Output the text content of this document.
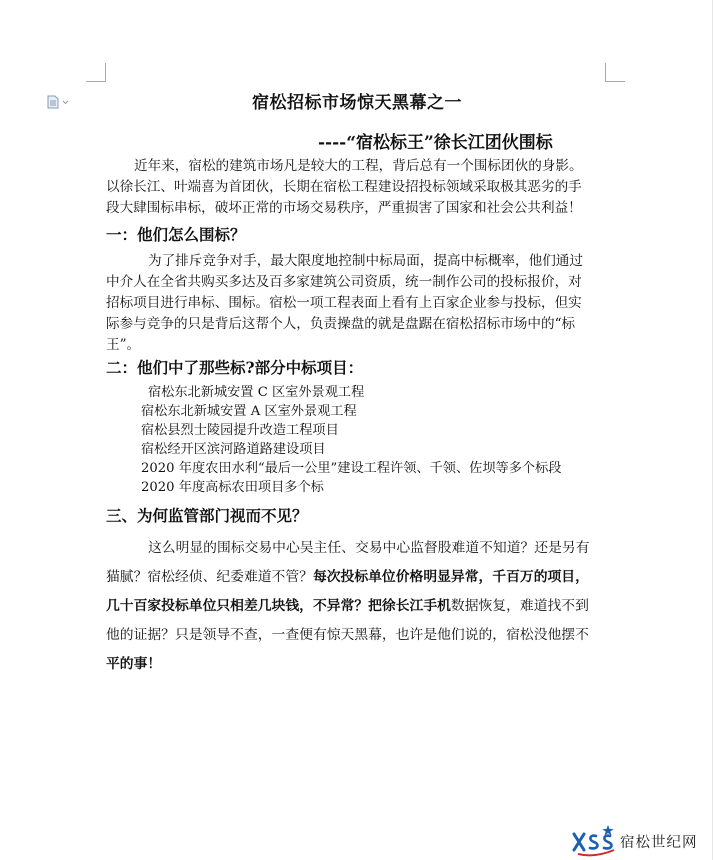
宿松招标市场惊天黑幕之一
----“宿松标王”徐长江团伙围标
近年来，宿松的建筑市场凡是较大的工程，背后总有一个围标团伙的身影。
以徐长江、叶端喜为首团伙，长期在宿松工程建设招投标领域采取极其恶劣的手
段大肆围标串标，破坏正常的市场交易秩序，严重损害了国家和社会公共利益！
一：他们怎么围标？
为了排斥竞争对手，最大限度地控制中标局面，提高中标概率，他们通过
中介人在全省共购买多达及百多家建筑公司资质，统一制作公司的投标报价，对
招标项目进行串标、围标。宿松一项工程表面上看有上百家企业参与投标，但实
际参与竞争的只是背后这帮个人，负责操盘的就是盘踞在宿松招标市场中的“标
王”。
二：他们中了那些标?部分中标项目：
宿松东北新城安置 C 区室外景观工程
宿松东北新城安置 A 区室外景观工程
宿松县烈士陵园提升改造工程项目
宿松经开区滨河路道路建设项目
2020 年度农田水利“最后一公里”建设工程许领、千领、佐坝等多个标段
2020 年度高标农田项目多个标
三、为何监管部门视而不见？
这么明显的围标交易中心吴主任、交易中心监督股难道不知道？还是另有
猫腻？宿松经侦、纪委难道不管？每次投标单位价格明显异常，千百万的项目，
几十百家投标单位只相差几块钱，不异常？把徐长江手机数据恢复，难道找不到
他的证据？只是领导不查，一查便有惊天黑幕，也许是他们说的，宿松没他摆不
平的事！
宿松世纪网
